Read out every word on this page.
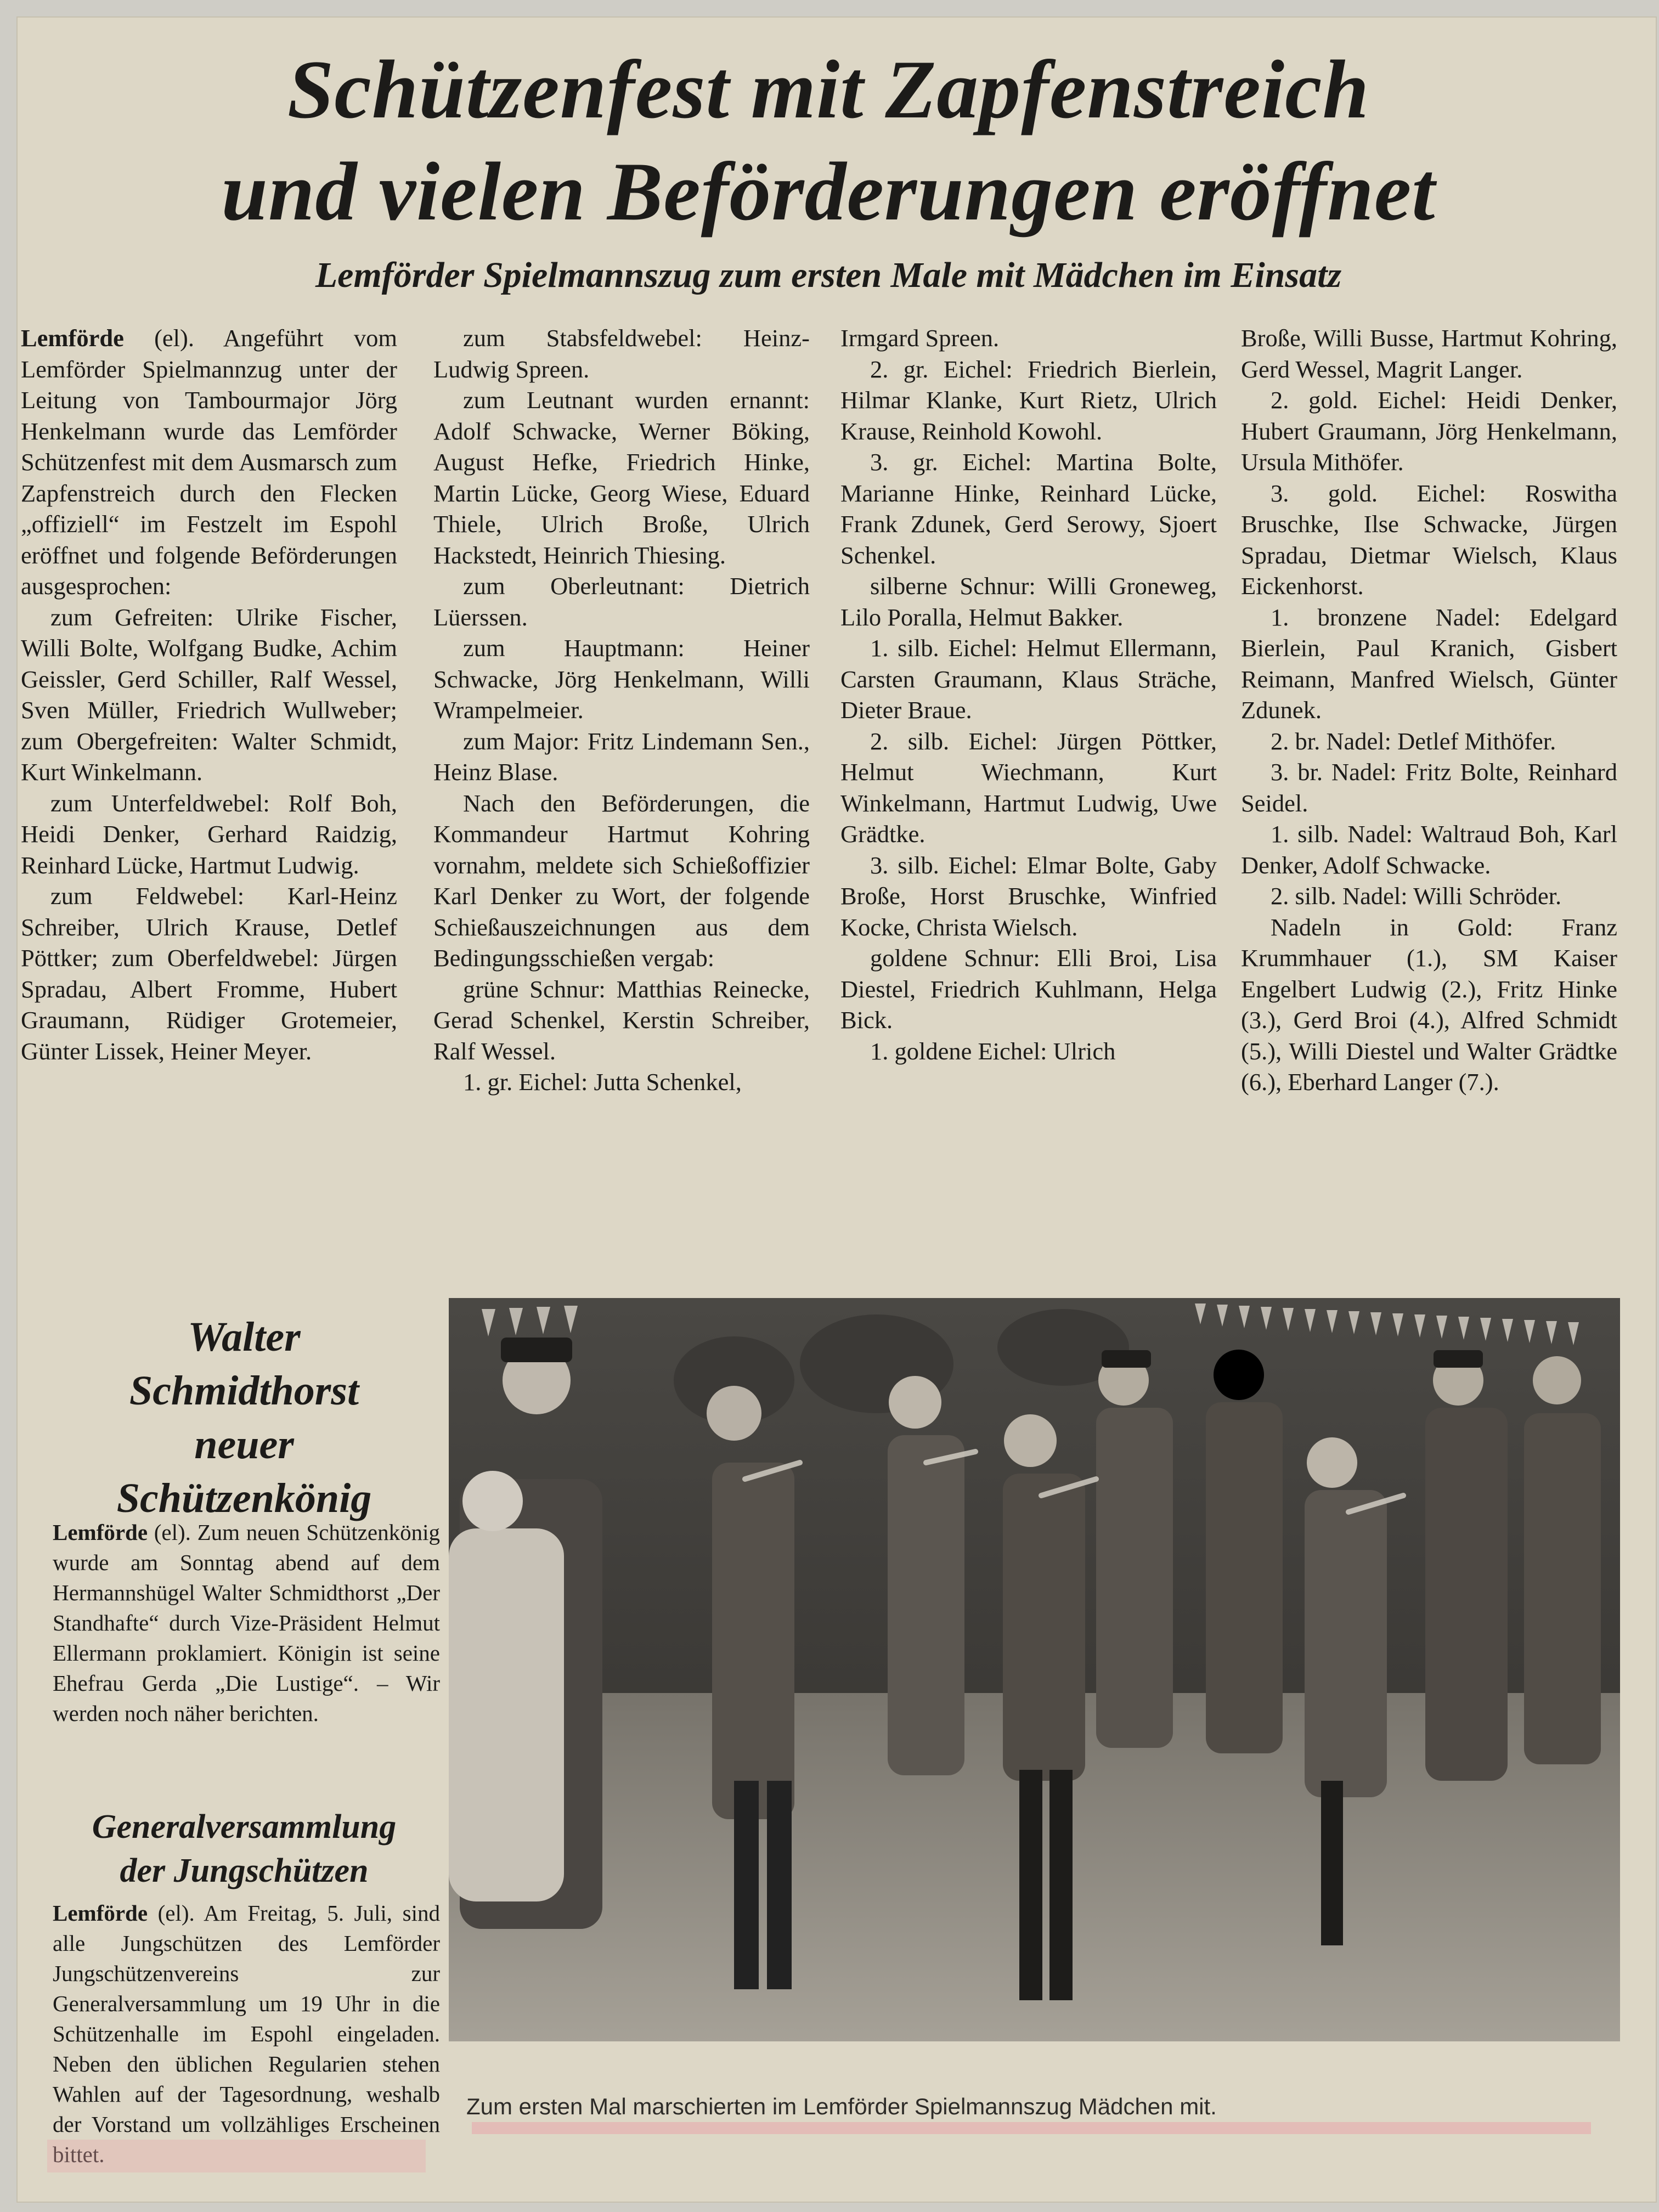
Schützenfest mit Zapfenstreich
und vielen Beförderungen eröffnet
Lemförder Spielmannszug zum ersten Male mit Mädchen im Einsatz

Lemförde (el). Angeführt vom Lemförder Spielmannzug unter der Leitung von Tambourmajor Jörg Henkelmann wurde das Lemförder Schützenfest mit dem Ausmarsch zum Zapfenstreich durch den Flecken „offiziell“ im Festzelt im Espohl eröffnet und folgende Beförderungen ausgesprochen:

zum Gefreiten: Ulrike Fischer, Willi Bolte, Wolfgang Budke, Achim Geissler, Gerd Schiller, Ralf Wessel, Sven Müller, Friedrich Wullweber; zum Obergefreiten: Walter Schmidt, Kurt Winkelmann.

zum Unterfeldwebel: Rolf Boh, Heidi Denker, Gerhard Raidzig, Reinhard Lücke, Hartmut Ludwig.

zum Feldwebel: Karl-Heinz Schreiber, Ulrich Krause, Detlef Pöttker; zum Oberfeldwebel: Jürgen Spradau, Albert Fromme, Hubert Graumann, Rüdiger Grotemeier, Günter Lissek, Heiner Meyer.

zum Stabsfeldwebel: Heinz-Ludwig Spreen.

zum Leutnant wurden ernannt: Adolf Schwacke, Werner Böking, August Hefke, Friedrich Hinke, Martin Lücke, Georg Wiese, Eduard Thiele, Ulrich Broße, Ulrich Hackstedt, Heinrich Thiesing.

zum Oberleutnant: Dietrich Lüerssen.

zum Hauptmann: Heiner Schwacke, Jörg Henkelmann, Willi Wrampelmeier.

zum Major: Fritz Lindemann Sen., Heinz Blase.

Nach den Beförderungen, die Kommandeur Hartmut Kohring vornahm, meldete sich Schießoffizier Karl Denker zu Wort, der folgende Schießauszeichnungen aus dem Bedingungsschießen vergab:

grüne Schnur: Matthias Reinecke, Gerad Schenkel, Kerstin Schreiber, Ralf Wessel.

1. gr. Eichel: Jutta Schenkel,

Irmgard Spreen.

2. gr. Eichel: Friedrich Bierlein, Hilmar Klanke, Kurt Rietz, Ulrich Krause, Reinhold Kowohl.

3. gr. Eichel: Martina Bolte, Marianne Hinke, Reinhard Lücke, Frank Zdunek, Gerd Serowy, Sjoert Schenkel.

silberne Schnur: Willi Groneweg, Lilo Poralla, Helmut Bakker.

1. silb. Eichel: Helmut Ellermann, Carsten Graumann, Klaus Sträche, Dieter Braue.

2. silb. Eichel: Jürgen Pöttker, Helmut Wiechmann, Kurt Winkelmann, Hartmut Ludwig, Uwe Grädtke.

3. silb. Eichel: Elmar Bolte, Gaby Broße, Horst Bruschke, Winfried Kocke, Christa Wielsch.

goldene Schnur: Elli Broi, Lisa Diestel, Friedrich Kuhlmann, Helga Bick.

1. goldene Eichel: Ulrich

Broße, Willi Busse, Hartmut Kohring, Gerd Wessel, Magrit Langer.

2. gold. Eichel: Heidi Denker, Hubert Graumann, Jörg Henkelmann, Ursula Mithöfer.

3. gold. Eichel: Roswitha Bruschke, Ilse Schwacke, Jürgen Spradau, Dietmar Wielsch, Klaus Eickenhorst.

1. bronzene Nadel: Edelgard Bierlein, Paul Kranich, Gisbert Reimann, Manfred Wielsch, Günter Zdunek.

2. br. Nadel: Detlef Mithöfer.

3. br. Nadel: Fritz Bolte, Reinhard Seidel.

1. silb. Nadel: Waltraud Boh, Karl Denker, Adolf Schwacke.

2. silb. Nadel: Willi Schröder.

Nadeln in Gold: Franz Krummhauer (1.), SM Kaiser Engelbert Ludwig (2.), Fritz Hinke (3.), Gerd Broi (4.), Alfred Schmidt (5.), Willi Diestel und Walter Grädtke (6.), Eberhard Langer (7.).

Walter
Schmidthorst
neuer
Schützenkönig

Lemförde (el). Zum neuen Schützenkönig wurde am Sonntag abend auf dem Hermannshügel Walter Schmidthorst „Der Standhafte“ durch Vize-Präsident Helmut Ellermann proklamiert. Königin ist seine Ehefrau Gerda „Die Lustige“. – Wir werden noch näher berichten.

Generalversammlung
der Jungschützen

Lemförde (el). Am Freitag, 5. Juli, sind alle Jungschützen des Lemförder Jungschützenvereins zur Generalversammlung um 19 Uhr in die Schützenhalle im Espohl eingeladen. Neben den üblichen Regularien stehen Wahlen auf der Tagesordnung, weshalb der Vorstand um vollzähliges Erscheinen bittet.

Zum ersten Mal marschierten im Lemförder Spielmannszug Mädchen mit.
